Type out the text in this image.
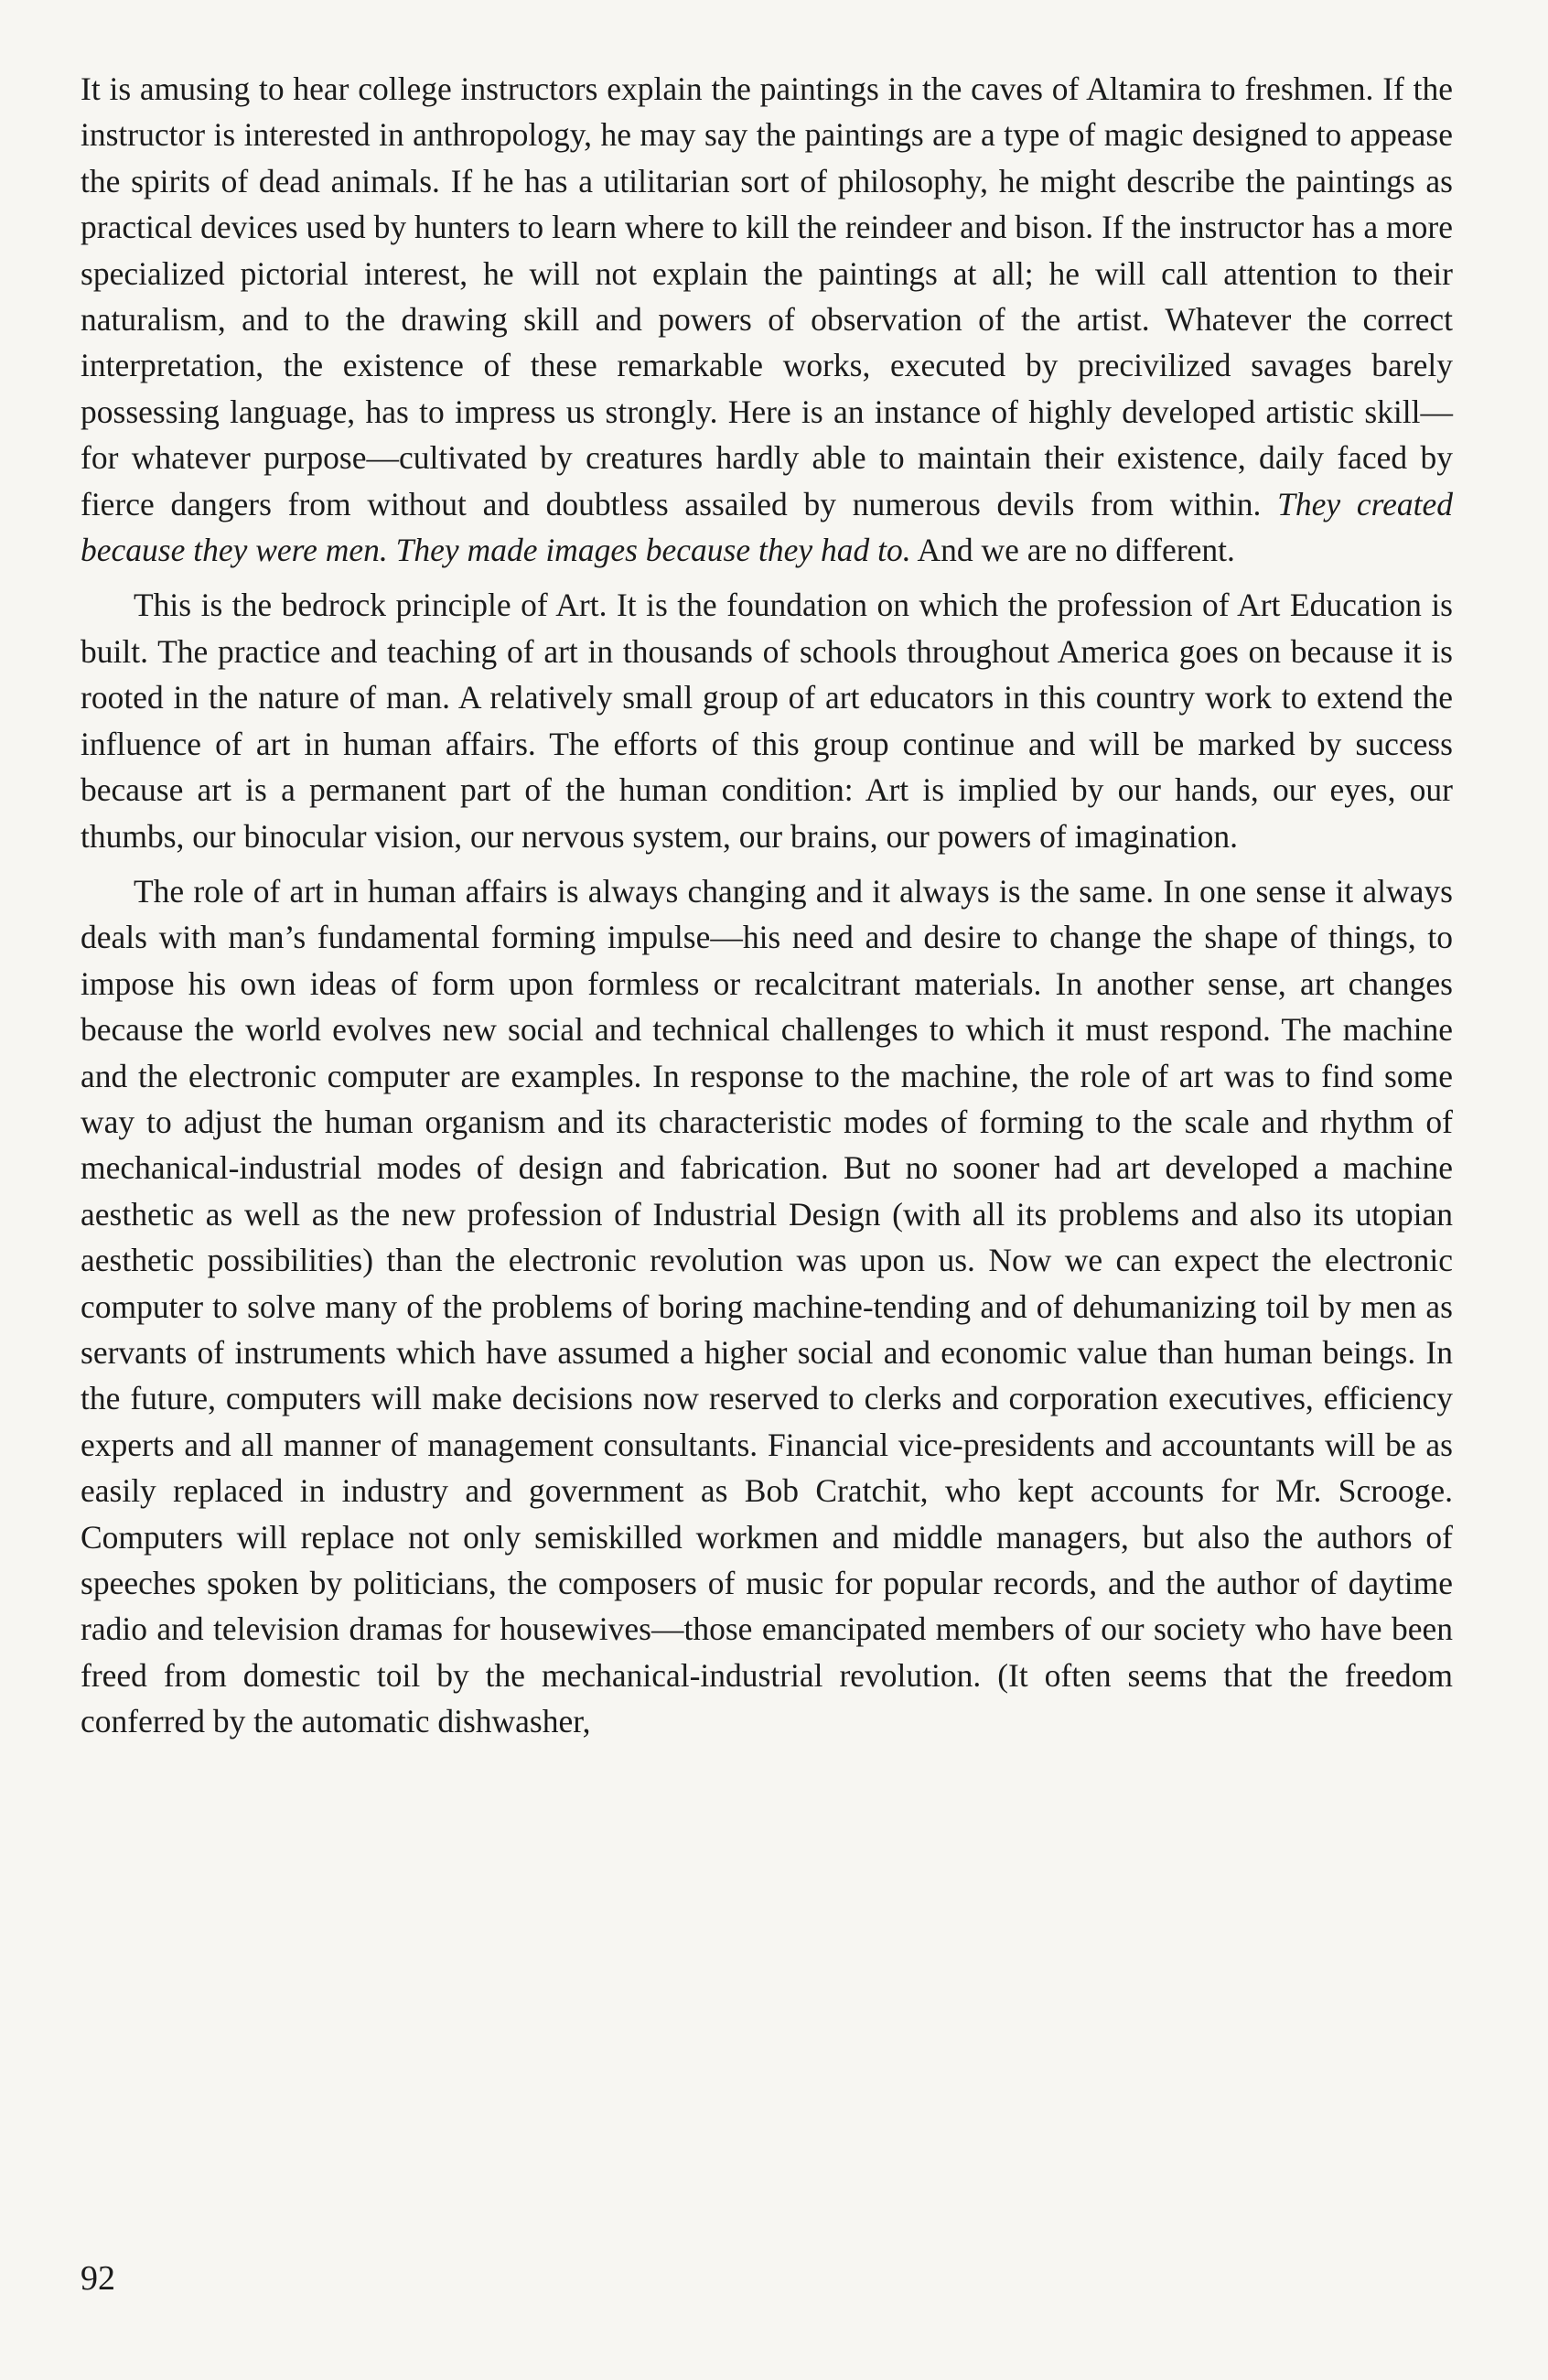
It is amusing to hear college instructors explain the paintings in the caves of Altamira to freshmen. If the instructor is interested in anthropology, he may say the paintings are a type of magic designed to appease the spirits of dead animals. If he has a utilitarian sort of philosophy, he might describe the paintings as practical devices used by hunters to learn where to kill the reindeer and bison. If the instructor has a more specialized pictorial interest, he will not explain the paintings at all; he will call attention to their naturalism, and to the drawing skill and powers of observation of the artist. Whatever the correct interpretation, the existence of these remarkable works, executed by precivilized savages barely possessing language, has to impress us strongly. Here is an instance of highly developed artistic skill—for whatever purpose—cultivated by creatures hardly able to maintain their existence, daily faced by fierce dangers from without and doubtless assailed by numerous devils from within. They created because they were men. They made images because they had to. And we are no different.

This is the bedrock principle of Art. It is the foundation on which the profession of Art Education is built. The practice and teaching of art in thousands of schools throughout America goes on because it is rooted in the nature of man. A relatively small group of art educators in this country work to extend the influence of art in human affairs. The efforts of this group continue and will be marked by success because art is a permanent part of the human condition: Art is implied by our hands, our eyes, our thumbs, our binocular vision, our nervous system, our brains, our powers of imagination.

The role of art in human affairs is always changing and it always is the same. In one sense it always deals with man’s fundamental forming impulse—his need and desire to change the shape of things, to impose his own ideas of form upon formless or recalcitrant materials. In another sense, art changes because the world evolves new social and technical challenges to which it must respond. The machine and the electronic computer are examples. In response to the machine, the role of art was to find some way to adjust the human organism and its characteristic modes of forming to the scale and rhythm of mechanical-industrial modes of design and fabrication. But no sooner had art developed a machine aesthetic as well as the new profession of Industrial Design (with all its problems and also its utopian aesthetic possibilities) than the electronic revolution was upon us. Now we can expect the electronic computer to solve many of the problems of boring machine-tending and of dehumanizing toil by men as servants of instruments which have assumed a higher social and economic value than human beings. In the future, computers will make decisions now reserved to clerks and corporation executives, efficiency experts and all manner of management consultants. Financial vice-presidents and accountants will be as easily replaced in industry and government as Bob Cratchit, who kept accounts for Mr. Scrooge. Computers will replace not only semiskilled workmen and middle managers, but also the authors of speeches spoken by politicians, the composers of music for popular records, and the author of daytime radio and television dramas for housewives—those emancipated members of our society who have been freed from domestic toil by the mechanical-industrial revolution. (It often seems that the freedom conferred by the automatic dishwasher,

92
